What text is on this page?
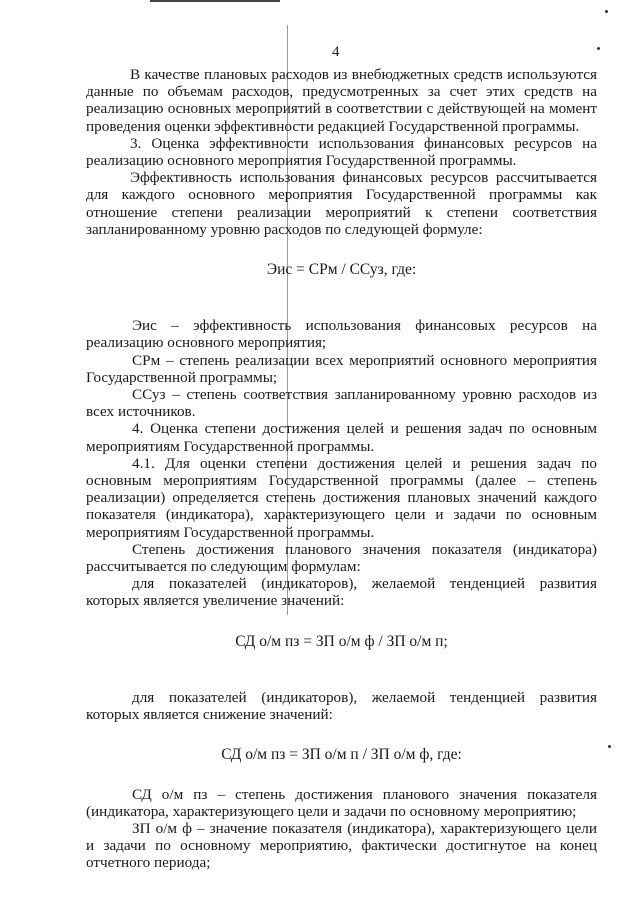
4

В качестве плановых расходов из внебюджетных средств используются данные по объемам расходов, предусмотренных за счет этих средств на реализацию основных мероприятий в соответствии с действующей на момент проведения оценки эффективности редакцией Государственной программы.

3. Оценка эффективности использования финансовых ресурсов на реализацию основного мероприятия Государственной программы.

Эффективность использования финансовых ресурсов рассчитывается для каждого основного мероприятия Государственной программы как отношение степени реализации мероприятий к степени соответствия запланированному уровню расходов по следующей формуле:

Эис = СРм / ССуз, где:

Эис – эффективность использования финансовых ресурсов на реализацию основного мероприятия;

СРм – степень реализации всех мероприятий основного мероприятия Государственной программы;

ССуз – степень соответствия запланированному уровню расходов из всех источников.

4. Оценка степени достижения целей и решения задач по основным мероприятиям Государственной программы.

4.1. Для оценки степени достижения целей и решения задач по основным мероприятиям Государственной программы (далее – степень реализации) определяется степень достижения плановых значений каждого показателя (индикатора), характеризующего цели и задачи по основным мероприятиям Государственной программы.

Степень достижения планового значения показателя (индикатора) рассчитывается по следующим формулам:

для показателей (индикаторов), желаемой тенденцией развития которых является увеличение значений:

СД о/м пз = ЗП о/м ф / ЗП о/м п;

для показателей (индикаторов), желаемой тенденцией развития которых является снижение значений:

СД о/м пз = ЗП о/м п / ЗП о/м ф, где:

СД о/м пз – степень достижения планового значения показателя (индикатора, характеризующего цели и задачи по основному мероприятию;

ЗП о/м ф – значение показателя (индикатора), характеризующего цели и задачи по основному мероприятию, фактически достигнутое на конец отчетного периода;
